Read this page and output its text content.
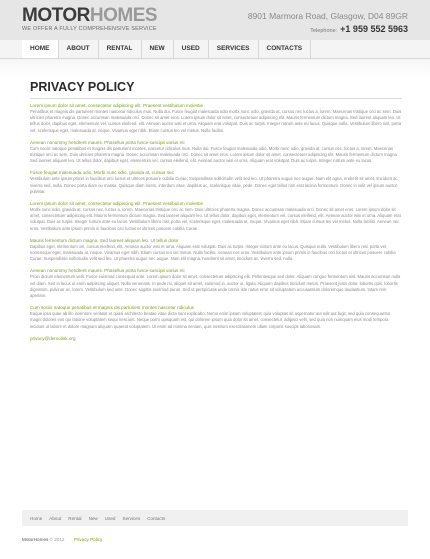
MOTORHOMES
WE OFFER A FULLY COMPREHENSIVE SERVICE
8901 Marmora Road, Glasgow, D04 89GR
Telephone: +1 959 552 5963
HOME	ABOUT	RENTAL	NEW	USED	SERVICES	CONTACTS
PRIVACY POLICY
Lorem ipsum dolor sit amet, consectetur adipiscing elit. Praesent vestibulum molestie
Penatibus et magnis dis parturient montes nascetur ridiculus mus. Nulla dui. Fusce feugiat malesuada odio morbi nunc odio, gravida at, cursus nec luctus a, lorem. Maecenas tristique orci ac sem. Duis ultricies pharetra magna. Donec accumsan malesuada orci. Donec sit amet eros. Lorem ipsum dolor sit amet, consectetuer adipiscing elit. Mauris fermentum dictum magna. Sed laoreet aliquam leo. Ut tellus dolor, dapibus eget, elementum vel, cursus eleifend, elit. Aenean auctor wisi et urna. Aliquam erat volutpat. Duis ac turpis. Integer rutrum ante eu lacus. Quisque nulla. Vestibulum libero nisl, porta vel, scelerisque eget, malesuada at, neque. Vivamus eget nibh. Etiam cursus leo vel metus. Nulla facilisi.
Aenean nonummy hendrerit mauris. Phasellus porta fusce suscipit varius mi
Cum sociis natoque penatibus et magnis dis parturient montes, nascetur ridiculus mus. Nulla dui. Fusce feugiat malesuada odio. Morbi nunc odio, gravida at, cursus nec, luctus a, lorem. Maecenas tristique orci ac sem. Duis ultricies pharetra magna. Donec accumsan malesuada orci. Donec sit amet eros. Lorem ipsum dolor sit amet, consectetuer adipiscing elit. Mauris fermentum dictum magna. Sed laoreet aliquam leo. Ut tellus dolor, dapibus eget, elementum vel, cursus eleifend, elit. Aenean auctor wisi et urna. Aliquam erat volutpat. Duis ac turpis. Integer rutrum ante eu lacus.
Fusce feugiat malesuada odio. Morbi nunc odio, gravida at, cursus nec
Vestibulum ante ipsum primis in faucibus orci luctus et ultrices posuere cubilia Curae; Suspendisse sollicitudin velit sed leo. Ut pharetra augue nec augue. Nam elit agna, endrerit sit amet, tincidunt ac, viverra sed, nulla. Donec porta diam eu massa. Quisque diam lorem, interdum vitae, dapibus ac, scelerisque vitae, pede. Donec eget tellus non erat lacinia fermentum. Donec in velit vel ipsum auctor pulvinar.
Lorem ipsum dolor sit amet, consectetur adipiscing elit. Praesent vestibulum molestie
Morbi nunc odio, gravida at, cursus nec, luctus a, lorem. Maecenas tristique orci ac sem. Duis ultricies pharetra magna. Donec accumsan malesuada orci. Donec sit amet eros. Lorem ipsum dolor sit amet, consectetuer adipiscing elit. Mauris fermentum dictum magna. Sed laoreet aliquam leo. Ut tellus dolor, dapibus eget, elementum vel, cursus eleifend, elit. Aenean auctor wisi et urna. Aliquam erat volutpat. Duis ac turpis. Integer rutrum ante eu lacus. Vestibulum libero nisl, porta vel, scelerisque eget, malesuada at, neque. Vivamus eget nibh. Etiam cursus leo vel metus. Nulla facilisi. Aenean nec eros. Vestibulum ante ipsum primis in faucibus orci luctus et ultrices posuere cubilia Curae.
Mauris fermentum dictum magna. Sed laoreet aliquam leo. Ut tellus dolor
Dapibus eget, elementum vel, cursus eleifend, elit. Aenean auctor wisi et urna. Aliquam erat volutpat. Duis ac turpis. Integer rutrum ante eu lacus. Quisque nulla. Vestibulum libero nisl, porta vel, scelerisque eget, malesuada at, neque. Vivamus eget nibh. Etiam cursus leo vel metus. Nulla facilisi. Aenean nec eros. Vestibulum ante ipsum primis in faucibus orci luctus et ultrices posuere cubilia Curae; Suspendisse sollicitudin velit sed leo. Ut pharetra augue nec augue. Nam elit magna, hendrerit sit amet, tincidunt ac, viverra sed, nulla.
Aenean nonummy hendrerit mauris. Phasellus porta fusce suscipit varius mi
Proin dictum elementum velit. Fusce euismod consequat ante. Lorem ipsum dolor sit amet, consectetuer adipiscing elit. Pellentesque sed dolor. Aliquam congue fermentum nisl. Mauris accumsan nulla vel diam. Sed in lacus ut enim adipiscing aliquet. Nulla venenatis. In pede mi, aliquet sit amet, euismod in, auctor ut, ligula. Aliquam dapibus tincidunt metus. Praesent justo dolor, lobortis quis, lobortis dignissim, pulvinar ac, lorem. Vestibulum sed ante. Donec sagittis euismod purus. Sed ut perspiciatis unde omnis iste natus error sit voluptatem accusantium doloremque laudantium, totam rem aperiam.
Cum sociis natoque penatibus et magnis dis parturient montes nascetur ridiculus
Eaque ipsa quae ab illo inventore veritatis et quasi architecto beatae vitae dicta sunt explicabo. Nemo enim ipsam voluptatem quia voluptas sit aspernatur aut odit aut fugit, sed quia consequuntur magni dolores eos qui ratione voluptatem sequi nesciunt. Neque porro quisquam est, qui dolorem ipsum quia dolor sit amet, consectetur, adipisci velit, sed quia non numquam eius modi tempora incidunt ut labore et dolore magnam aliquam quaerat voluptatem. Ut enim ad minima veniam, quis nostrum exercitationem ullam corporis suscipit laboriosam.
privacy@demolink.org
Home About Rental New Used Services Contacts
MotorHomes © 2012 Privacy Policy
